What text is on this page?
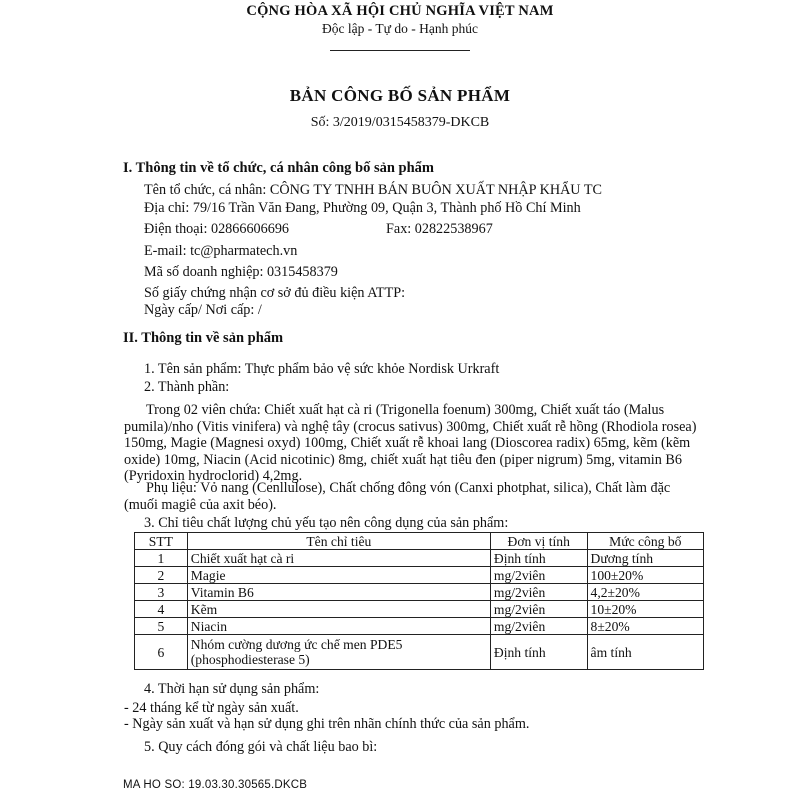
CỘNG HÒA XÃ HỘI CHỦ NGHĨA VIỆT NAM
Độc lập - Tự do - Hạnh phúc
BẢN CÔNG BỐ SẢN PHẨM
Số: 3/2019/0315458379-DKCB
I. Thông tin về tổ chức, cá nhân công bố sản phẩm
Tên tổ chức, cá nhân: CÔNG TY TNHH BÁN BUÔN XUẤT NHẬP KHẨU TC
Địa chỉ: 79/16 Trần Văn Đang, Phường 09, Quận 3, Thành phố Hồ Chí Minh
Điện thoại: 02866606696	Fax: 02822538967
E-mail: tc@pharmatech.vn
Mã số doanh nghiệp: 0315458379
Số giấy chứng nhận cơ sở đủ điều kiện ATTP:
Ngày cấp/ Nơi cấp: /
II. Thông tin về sản phẩm
1. Tên sản phẩm: Thực phẩm bảo vệ sức khỏe Nordisk Urkraft
2. Thành phần:
Trong 02 viên chứa: Chiết xuất hạt cà ri (Trigonella foenum) 300mg, Chiết xuất táo (Malus pumila)/nho (Vitis vinifera) và nghệ tây (crocus sativus) 300mg, Chiết xuất rễ hồng (Rhodiola rosea) 150mg, Magie (Magnesi oxyd) 100mg, Chiết xuất rễ khoai lang (Dioscorea radix) 65mg, kẽm (kẽm oxide) 10mg, Niacin (Acid nicotinic) 8mg, chiết xuất hạt tiêu đen (piper nigrum) 5mg, vitamin B6 (Pyridoxin hydroclorid) 4,2mg.
Phụ liệu: Vỏ nang (Cenllulose), Chất chống đông vón (Canxi photphat, silica), Chất làm đặc (muối magiê của axit béo).
3. Chỉ tiêu chất lượng chủ yếu tạo nên công dụng của sản phẩm:
STT	Tên chỉ tiêu	Đơn vị tính	Mức công bố
1	Chiết xuất hạt cà ri	Định tính	Dương tính
2	Magie	mg/2viên	100±20%
3	Vitamin B6	mg/2viên	4,2±20%
4	Kẽm	mg/2viên	10±20%
5	Niacin	mg/2viên	8±20%
6	Nhóm cường dương ức chế men PDE5 (phosphodiesterase 5)	Định tính	âm tính
4. Thời hạn sử dụng sản phẩm:
- 24 tháng kể từ ngày sản xuất.
- Ngày sản xuất và hạn sử dụng ghi trên nhãn chính thức của sản phẩm.
5. Quy cách đóng gói và chất liệu bao bì:
MA HO SO: 19.03.30.30565.DKCB
